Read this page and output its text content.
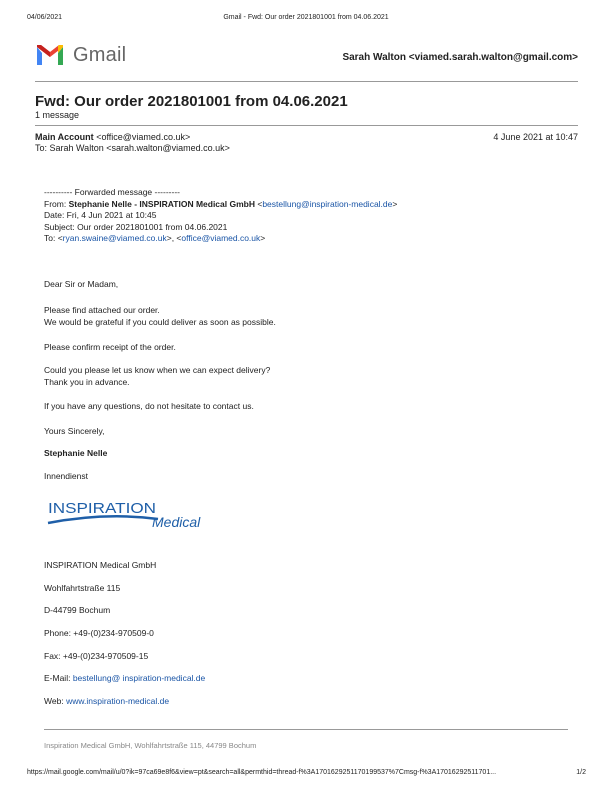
04/06/2021	Gmail - Fwd: Our order 2021801001 from 04.06.2021
Gmail	Sarah Walton <viamed.sarah.walton@gmail.com>
Fwd: Our order 2021801001 from 04.06.2021
1 message
Main Account <office@viamed.co.uk>
To: Sarah Walton <sarah.walton@viamed.co.uk>
4 June 2021 at 10:47
---------- Forwarded message ---------
From: Stephanie Nelle - INSPIRATION Medical GmbH <bestellung@inspiration-medical.de>
Date: Fri, 4 Jun 2021 at 10:45
Subject: Our order 2021801001 from 04.06.2021
To: <ryan.swaine@viamed.co.uk>, <office@viamed.co.uk>
Dear Sir or Madam,
Please find attached our order.
We would be grateful if you could deliver as soon as possible.
Please confirm receipt of the order.
Could you please let us know when we can expect delivery?
Thank you in advance.
If you have any questions, do not hesitate to contact us.
Yours Sincerely,
Stephanie Nelle
Innendienst
INSPIRATION
Medical
INSPIRATION Medical GmbH
Wohlfahrtstraße 115
D-44799 Bochum
Phone: +49-(0)234-970509-0
Fax: +49-(0)234-970509-15
E-Mail: bestellung@ inspiration-medical.de
Web: www.inspiration-medical.de
Inspiration Medical GmbH, Wohlfahrtstraße 115, 44799 Bochum
https://mail.google.com/mail/u/0?ik=97ca69e8f6&view=pt&search=all&permthid=thread-f%3A1701629251170199537%7Cmsg-f%3A17016292511701...	1/2
